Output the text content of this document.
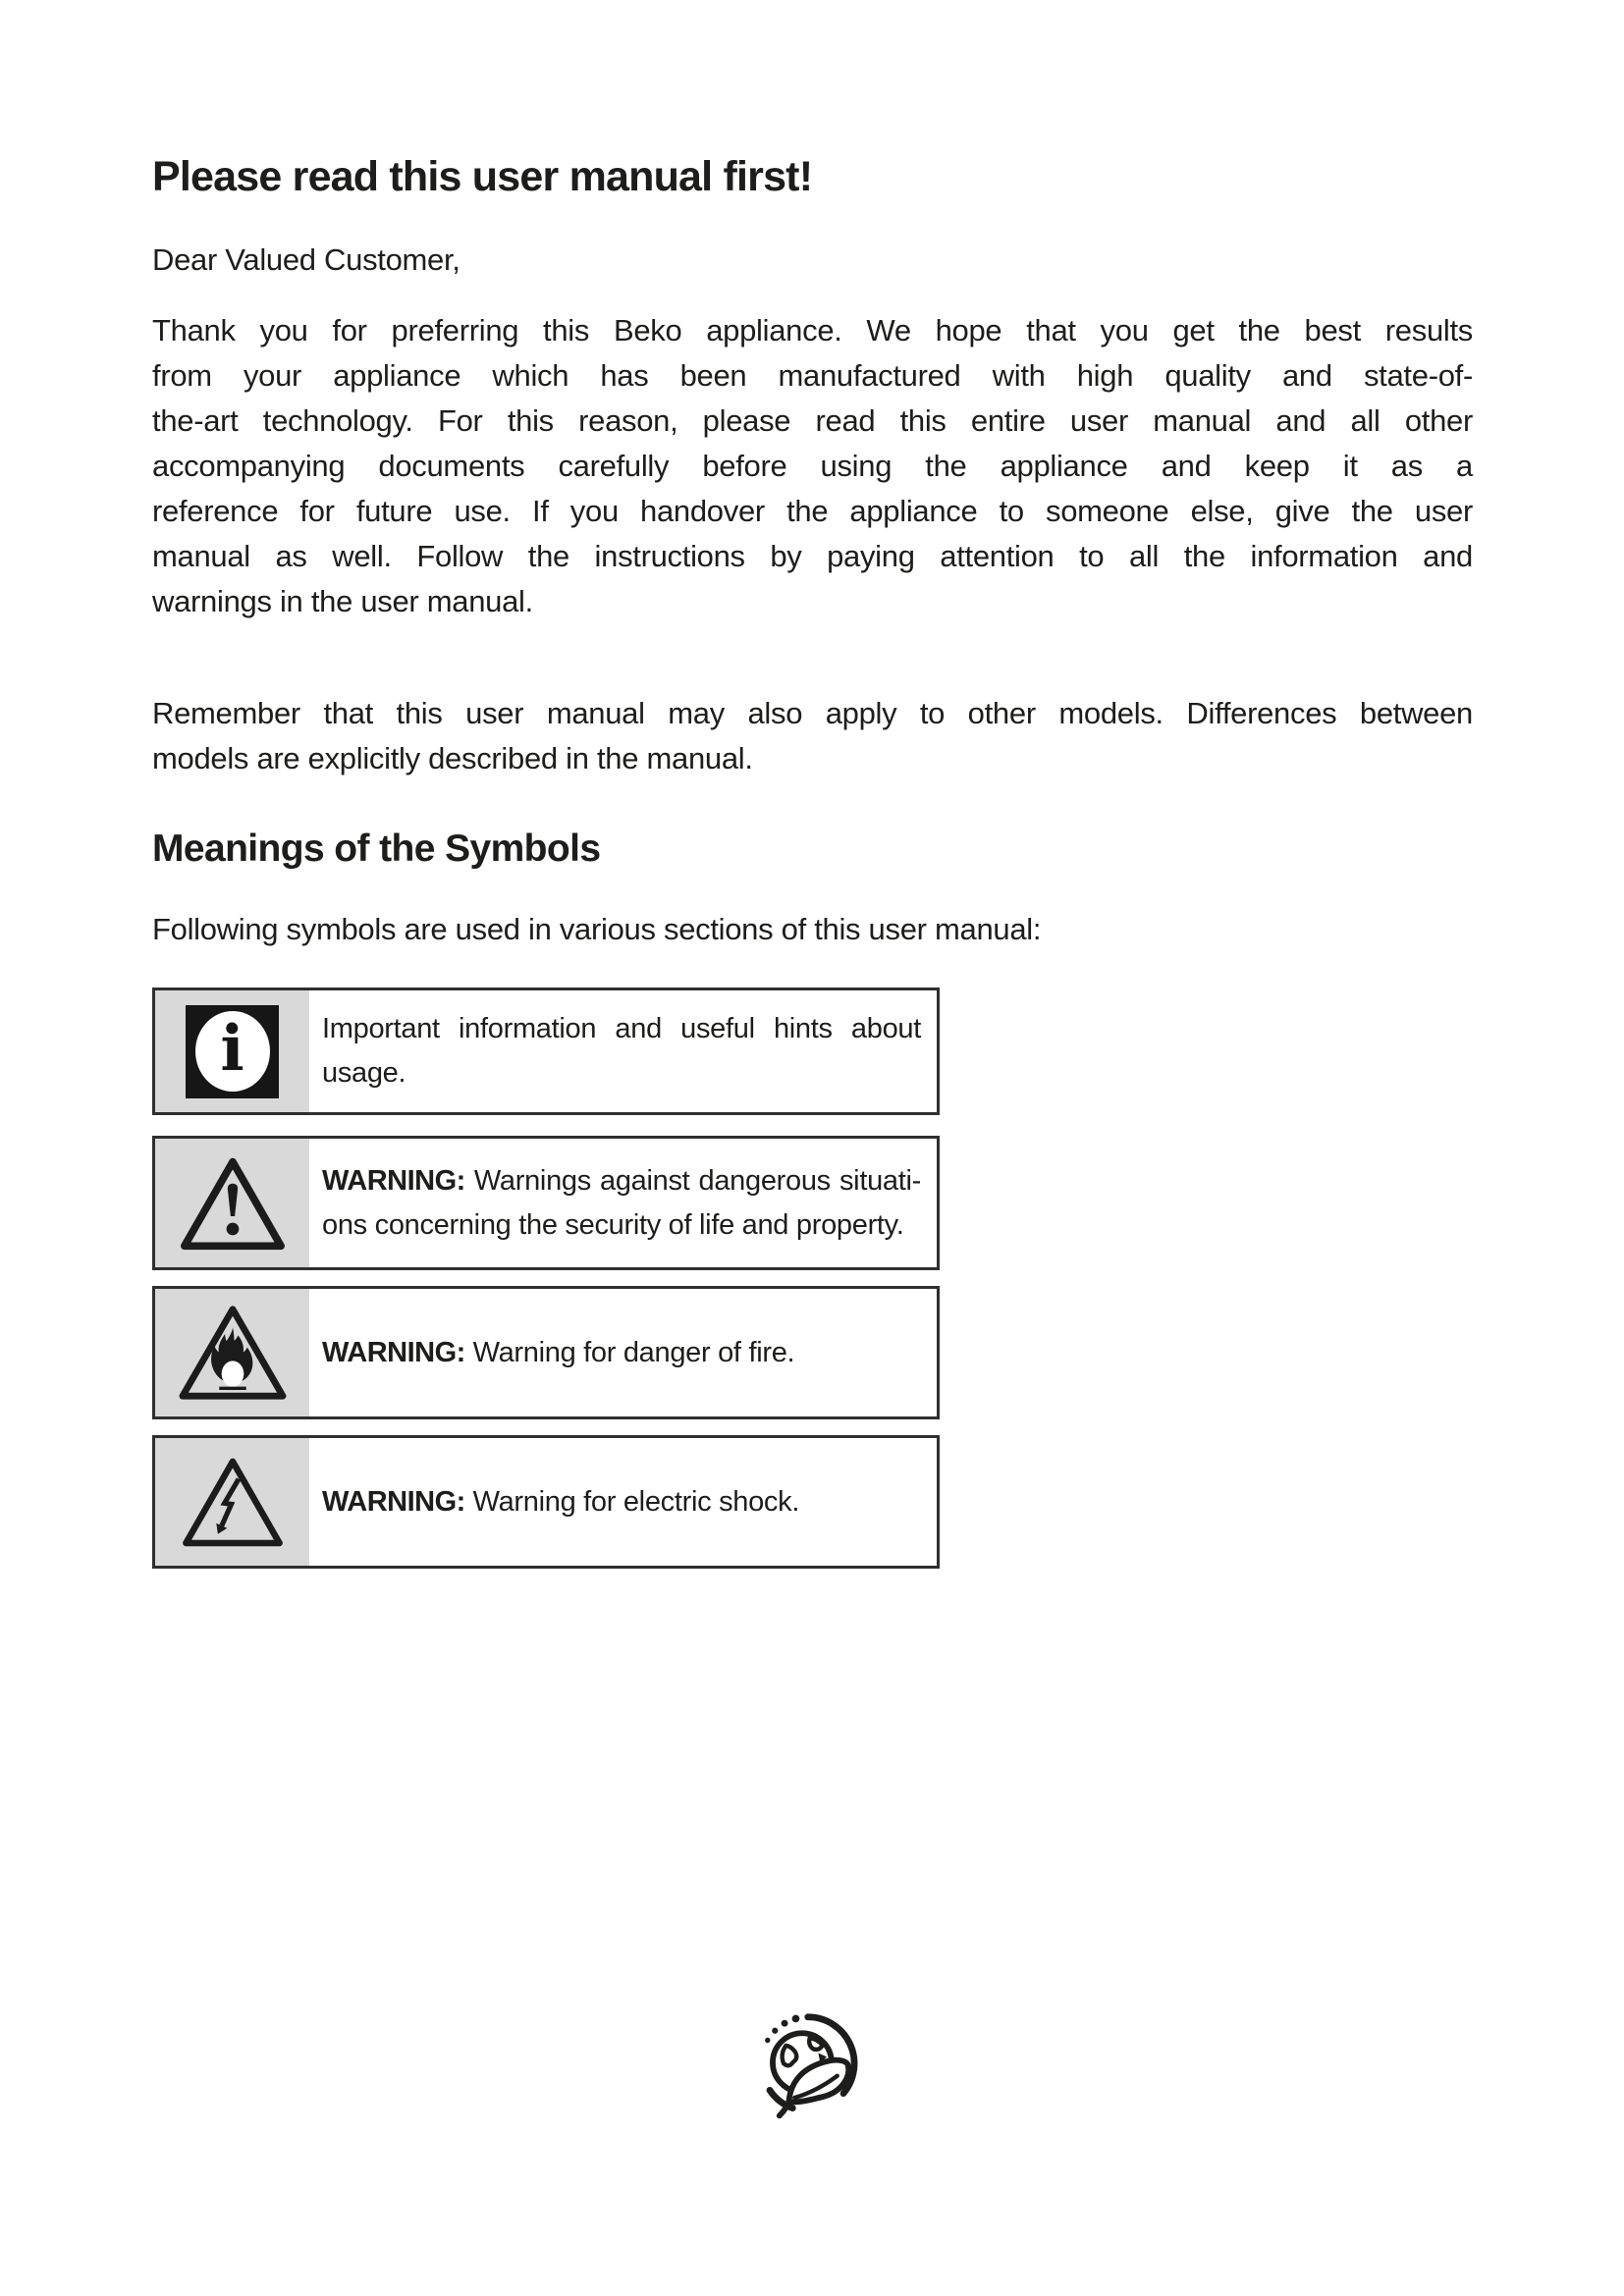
Please read this user manual first!
Dear Valued Customer,
Thank you for preferring this Beko appliance. We hope that you get the best results
from your appliance which has been manufactured with high quality and state-of-
the-art technology. For this reason, please read this entire user manual and all other
accompanying documents carefully before using the appliance and keep it as a
reference for future use. If you handover the appliance to someone else, give the user
manual as well. Follow the instructions by paying attention to all the information and
warnings in the user manual.
Remember that this user manual may also apply to other models. Differences between
models are explicitly described in the manual.
Meanings of the Symbols
Following symbols are used in various sections of this user manual:
i	Important information and useful hints about
usage.
WARNING: Warnings against dangerous situati-
ons concerning the security of life and property.
WARNING: Warning for danger of fire.
WARNING: Warning for electric shock.
